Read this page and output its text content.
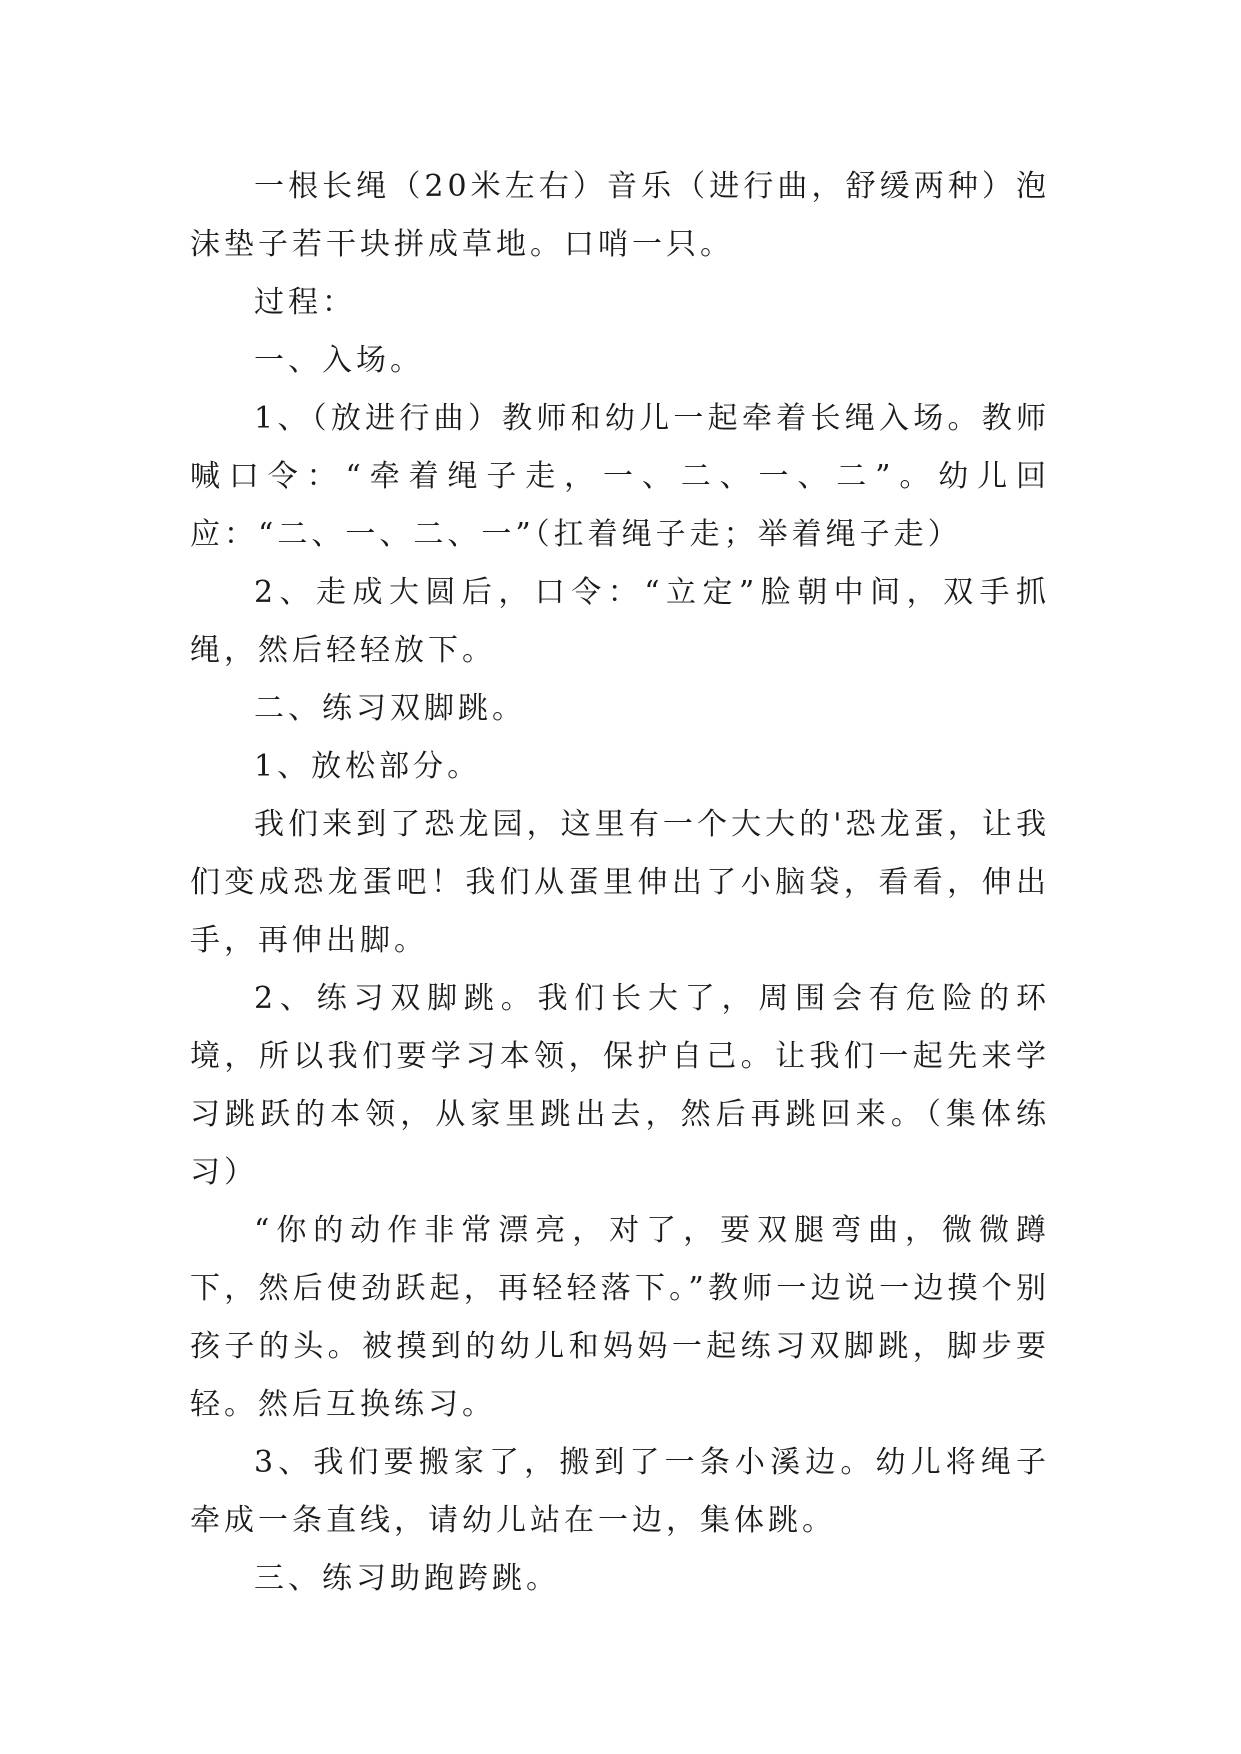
一根长绳（20米左右）音乐（进行曲，舒缓两种）泡沫垫子若干块拼成草地。口哨一只。

过程：

一、入场。

1、（放进行曲）教师和幼儿一起牵着长绳入场。教师喊口令：“牵着绳子走，一、二、一、二”。幼儿回应：“二、一、二、一”（扛着绳子走；举着绳子走）

2、走成大圆后，口令：“立定”脸朝中间，双手抓绳，然后轻轻放下。

二、练习双脚跳。

1、放松部分。

我们来到了恐龙园，这里有一个大大的'恐龙蛋，让我们变成恐龙蛋吧！我们从蛋里伸出了小脑袋，看看，伸出手，再伸出脚。

2、练习双脚跳。我们长大了，周围会有危险的环境，所以我们要学习本领，保护自己。让我们一起先来学习跳跃的本领，从家里跳出去，然后再跳回来。（集体练习）

“你的动作非常漂亮，对了，要双腿弯曲，微微蹲下，然后使劲跃起，再轻轻落下。”教师一边说一边摸个别孩子的头。被摸到的幼儿和妈妈一起练习双脚跳，脚步要轻。然后互换练习。

3、我们要搬家了，搬到了一条小溪边。幼儿将绳子牵成一条直线，请幼儿站在一边，集体跳。

三、练习助跑跨跳。
